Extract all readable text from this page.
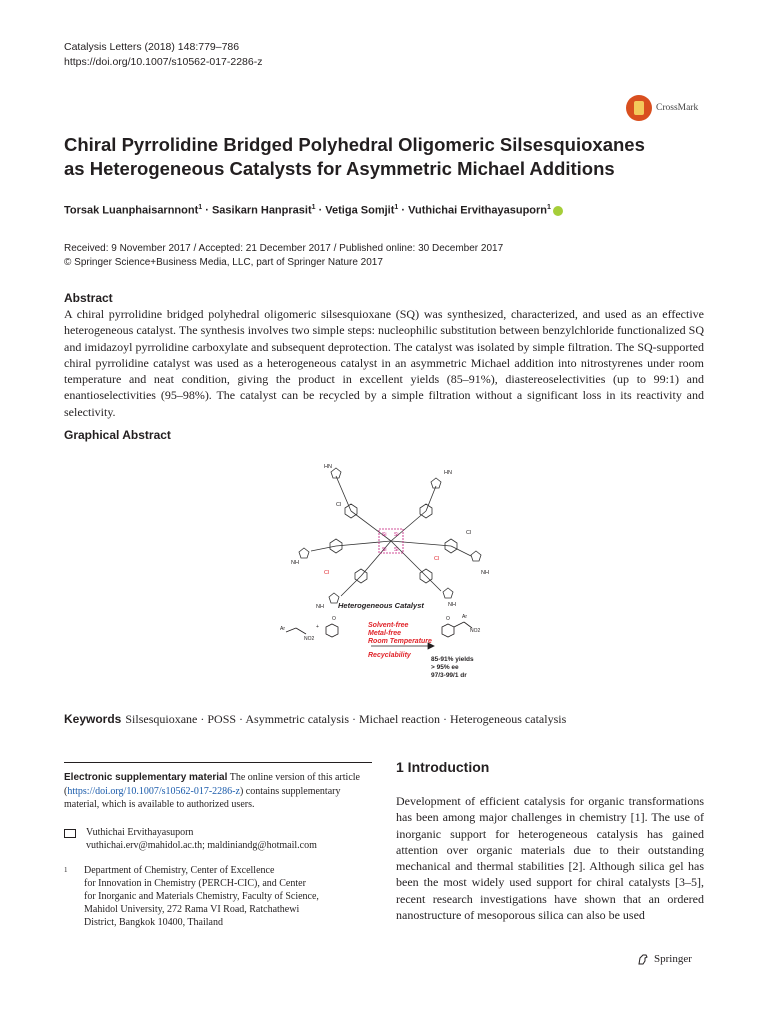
Catalysis Letters (2018) 148:779–786
https://doi.org/10.1007/s10562-017-2286-z
CrossMark
Chiral Pyrrolidine Bridged Polyhedral Oligomeric Silsesquioxanes
as Heterogeneous Catalysts for Asymmetric Michael Additions
Torsak Luanphaisarnnont$^1$ · Sasikarn Hanprasit$^1$ · Vetiga Somjit$^1$ · Vuthichai Ervithayasuporn$^1$
Received: 9 November 2017 / Accepted: 21 December 2017 / Published online: 30 December 2017
© Springer Science+Business Media, LLC, part of Springer Nature 2017
Abstract
A chiral pyrrolidine bridged polyhedral oligomeric silsesquioxane (SQ) was synthesized, characterized, and used as an effective heterogeneous catalyst. The synthesis involves two simple steps: nucleophilic substitution between benzylchloride functionalized SQ and imidazoyl pyrrolidine carboxylate and subsequent deprotection. The catalyst was isolated by simple filtration. The SQ-supported chiral pyrrolidine catalyst was used as a heterogeneous catalyst in an asymmetric Michael addition into nitrostyrenes under room temperature and neat condition, giving the product in excellent yields (85–91%), diastereoselectivities (up to 99:1) and enantioselectivities (95–98%). The catalyst can be recycled by a simple filtration without a significant loss in its reactivity and selectivity.
Graphical Abstract
Si Si
Si Si
HN
HN
NH
NH
NH	NH
Cl
Cl
Cl
Cl
Heterogeneous Catalyst
Ar
NO2
+
O	O Ar
NO2
Solvent-free
Metal-free
Room Temperature
Recyclability
85-91% yields
> 95% ee
97/3-99/1 dr
Keywords Silsesquioxane · POSS · Asymmetric catalysis · Michael reaction · Heterogeneous catalysis
Electronic supplementary material The online version of this article (https://doi.org/10.1007/s10562-017-2286-z) contains supplementary material, which is available to authorized users.
Vuthichai Ervithayasuporn
vuthichai.erv@mahidol.ac.th; maldiniandg@hotmail.com
1	Department of Chemistry, Center of Excellence
for Innovation in Chemistry (PERCH-CIC), and Center
for Inorganic and Materials Chemistry, Faculty of Science,
Mahidol University, 272 Rama VI Road, Ratchathewi
District, Bangkok 10400, Thailand
1 Introduction
Development of efficient catalysis for organic transformations has been among major challenges in chemistry [1]. The use of inorganic support for heterogeneous catalysis has gained attention over organic materials due to their outstanding mechanical and thermal stabilities [2]. Although silica gel has been the most widely used support for chiral catalysts [3–5], recent research investigations have shown that an ordered nanostructure of mesoporous silica can also be used
Springer
